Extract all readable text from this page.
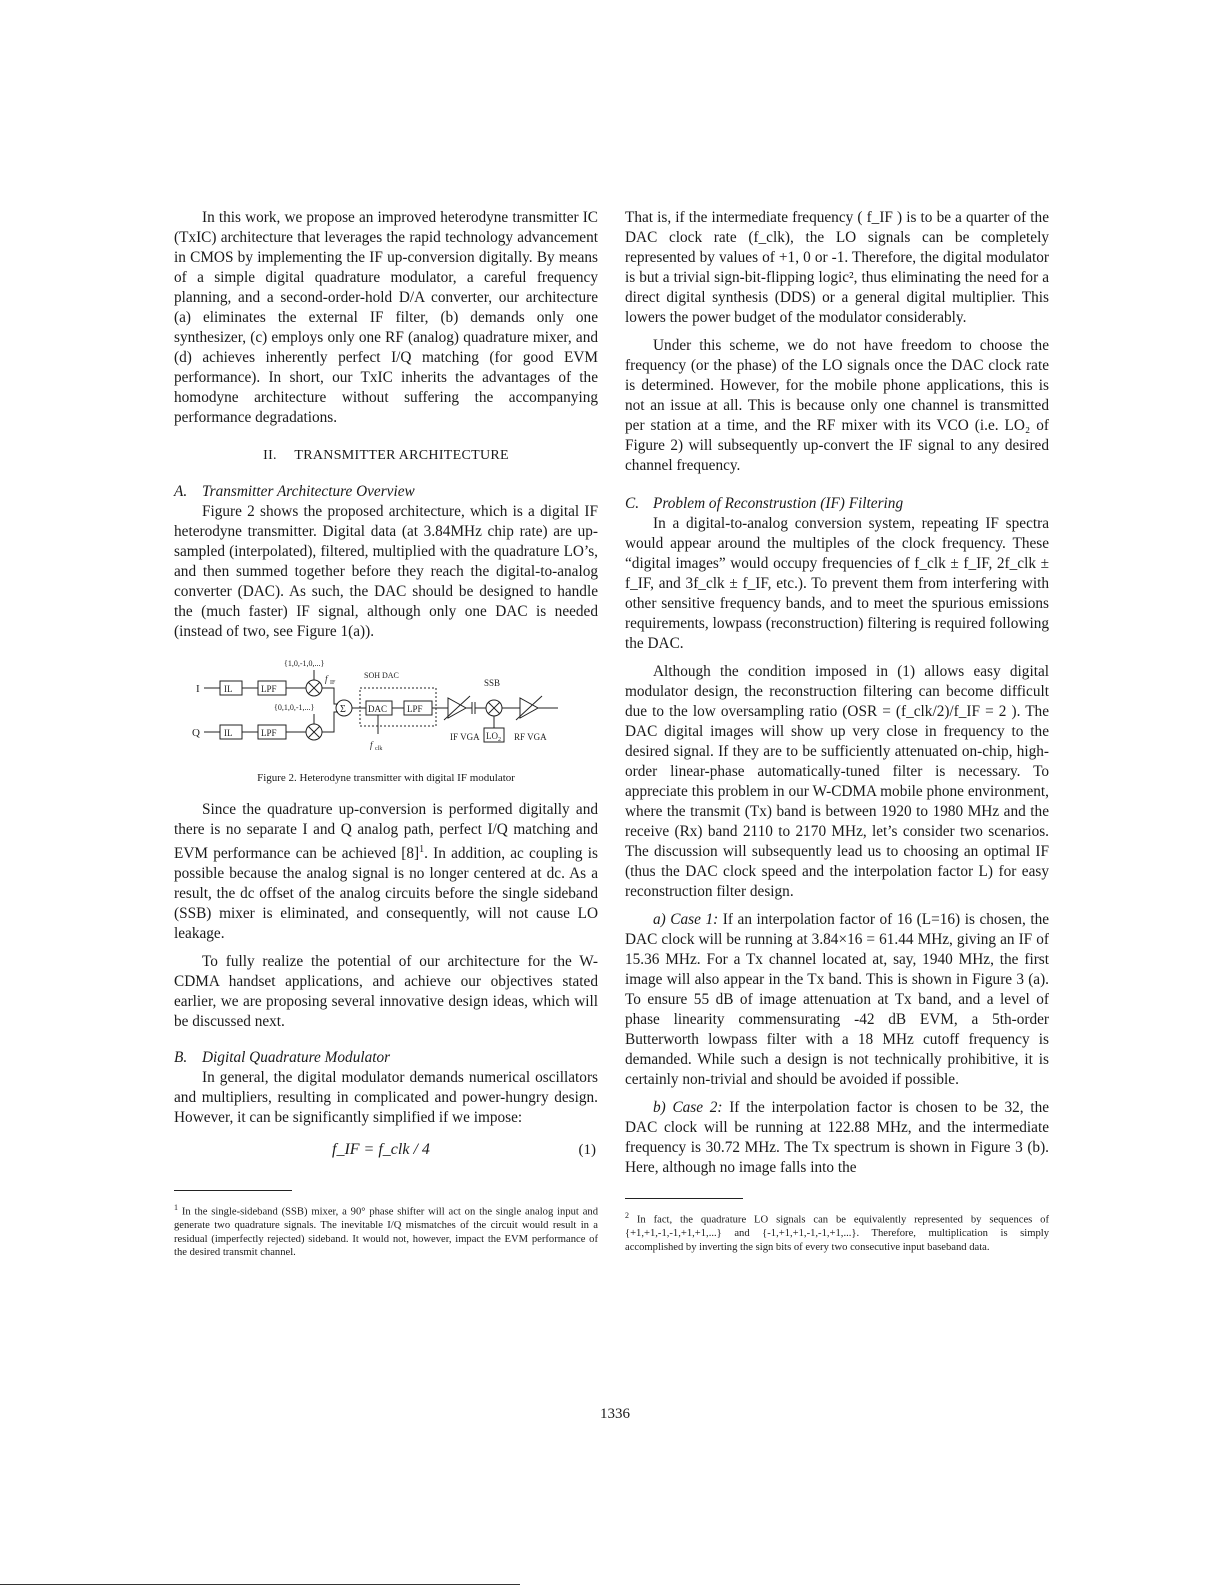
In this work, we propose an improved heterodyne transmitter IC (TxIC) architecture that leverages the rapid technology advancement in CMOS by implementing the IF up-conversion digitally. By means of a simple digital quadrature modulator, a careful frequency planning, and a second-order-hold D/A converter, our architecture (a) eliminates the external IF filter, (b) demands only one synthesizer, (c) employs only one RF (analog) quadrature mixer, and (d) achieves inherently perfect I/Q matching (for good EVM performance). In short, our TxIC inherits the advantages of the homodyne architecture without suffering the accompanying performance degradations.

II. TRANSMITTER ARCHITECTURE
A. Transmitter Architecture Overview

Figure 2 shows the proposed architecture, which is a digital IF heterodyne transmitter. Digital data (at 3.84MHz chip rate) are up-sampled (interpolated), filtered, multiplied with the quadrature LO’s, and then summed together before they reach the digital-to-analog converter (DAC). As such, the DAC should be designed to handle the (much faster) IF signal, although only one DAC is needed (instead of two, see Figure 1(a)).

{1,0,-1,0,...}
I	IL	LPF
f IF
{0,1,0,-1,...}	Σ
Q	IL	LPF
SOH DAC
DAC LPF
f clk
IF VGA
SSB
LO 2 RF VGA
Figure 2. Heterodyne transmitter with digital IF modulator

Since the quadrature up-conversion is performed digitally and there is no separate I and Q analog path, perfect I/Q matching and EVM performance can be achieved $[8]^1$. In addition, ac coupling is possible because the analog signal is no longer centered at dc. As a result, the dc offset of the analog circuits before the single sideband (SSB) mixer is eliminated, and consequently, will not cause LO leakage.

To fully realize the potential of our architecture for the W-CDMA handset applications, and achieve our objectives stated earlier, we are proposing several innovative design ideas, which will be discussed next.

B. Digital Quadrature Modulator

In general, the digital modulator demands numerical oscillators and multipliers, resulting in complicated and power-hungry design. However, it can be significantly simplified if we impose:

f_IF = f_clk / 4	(1)

$^1$ In the single-sideband (SSB) mixer, a 90° phase shifter will act on the single analog input and generate two quadrature signals. The inevitable I/Q mismatches of the circuit would result in a residual (imperfectly rejected) sideband. It would not, however, impact the EVM performance of the desired transmit channel.

That is, if the intermediate frequency ( f_IF ) is to be a quarter of the DAC clock rate (f_clk), the LO signals can be completely represented by values of +1, 0 or -1. Therefore, the digital modulator is but a trivial sign-bit-flipping logic², thus eliminating the need for a direct digital synthesis (DDS) or a general digital multiplier. This lowers the power budget of the modulator considerably.

Under this scheme, we do not have freedom to choose the frequency (or the phase) of the LO signals once the DAC clock rate is determined. However, for the mobile phone applications, this is not an issue at all. This is because only one channel is transmitted per station at a time, and the RF mixer with its VCO (i.e. LO₂ of Figure 2) will subsequently up-convert the IF signal to any desired channel frequency.

C. Problem of Reconstrustion (IF) Filtering

In a digital-to-analog conversion system, repeating IF spectra would appear around the multiples of the clock frequency. These “digital images” would occupy frequencies of f_clk ± f_IF, 2f_clk ± f_IF, and 3f_clk ± f_IF, etc.). To prevent them from interfering with other sensitive frequency bands, and to meet the spurious emissions requirements, lowpass (reconstruction) filtering is required following the DAC.

Although the condition imposed in (1) allows easy digital modulator design, the reconstruction filtering can become difficult due to the low oversampling ratio (OSR = (f_clk/2)/f_IF = 2 ). The DAC digital images will show up very close in frequency to the desired signal. If they are to be sufficiently attenuated on-chip, high-order linear-phase automatically-tuned filter is necessary. To appreciate this problem in our W-CDMA mobile phone environment, where the transmit (Tx) band is between 1920 to 1980 MHz and the receive (Rx) band 2110 to 2170 MHz, let’s consider two scenarios. The discussion will subsequently lead us to choosing an optimal IF (thus the DAC clock speed and the interpolation factor L) for easy reconstruction filter design.

a) Case 1: If an interpolation factor of 16 (L=16) is chosen, the DAC clock will be running at 3.84×16 = 61.44 MHz, giving an IF of 15.36 MHz. For a Tx channel located at, say, 1940 MHz, the first image will also appear in the Tx band. This is shown in Figure 3 (a). To ensure 55 dB of image attenuation at Tx band, and a level of phase linearity commensurating -42 dB EVM, a 5th-order Butterworth lowpass filter with a 18 MHz cutoff frequency is demanded. While such a design is not technically prohibitive, it is certainly non-trivial and should be avoided if possible.

b) Case 2: If the interpolation factor is chosen to be 32, the DAC clock will be running at 122.88 MHz, and the intermediate frequency is 30.72 MHz. The Tx spectrum is shown in Figure 3 (b). Here, although no image falls into the

$^2$ In fact, the quadrature LO signals can be equivalently represented by sequences of {+1,+1,-1,-1,+1,+1,...} and {-1,+1,+1,-1,-1,+1,...}. Therefore, multiplication is simply accomplished by inverting the sign bits of every two consecutive input baseband data.

1336
